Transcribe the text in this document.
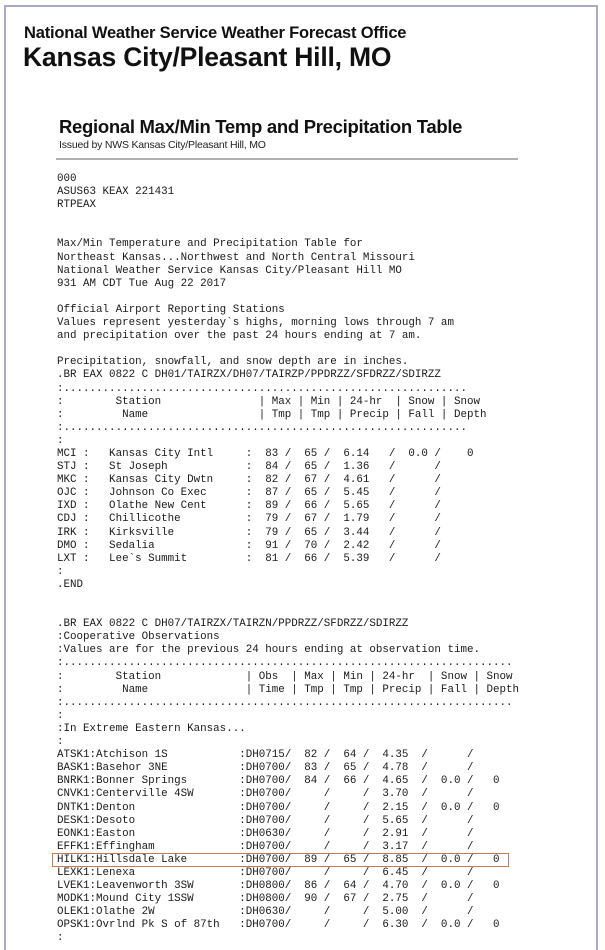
National Weather Service Weather Forecast Office
Kansas City/Pleasant Hill, MO
Regional Max/Min Temp and Precipitation Table
Issued by NWS Kansas City/Pleasant Hill, MO
000
ASUS63 KEAX 221431
RTPEAX
Max/Min Temperature and Precipitation Table for
Northeast Kansas...Northwest and North Central Missouri
National Weather Service Kansas City/Pleasant Hill MO
931 AM CDT Tue Aug 22 2017
Official Airport Reporting Stations
Values represent yesterday`s highs, morning lows through 7 am
and precipitation over the past 24 hours ending at 7 am.
Precipitation, snowfall, and snow depth are in inches.
.BR EAX 0822 C DH01/TAIRZX/DH07/TAIRZP/PPDRZZ/SFDRZZ/SDIRZZ
:..............................................................
:        Station               | Max | Min | 24-hr  | Snow | Snow
:         Name                 | Tmp | Tmp | Precip | Fall | Depth
:..............................................................
:
MCI :   Kansas City Intl     :  83 /  65 /  6.14   /  0.0 /    0
STJ :   St Joseph            :  84 /  65 /  1.36   /      /
MKC :   Kansas City Dwtn     :  82 /  67 /  4.61   /      /
OJC :   Johnson Co Exec      :  87 /  65 /  5.45   /      /
IXD :   Olathe New Cent      :  89 /  66 /  5.65   /      /
CDJ :   Chillicothe          :  79 /  67 /  1.79   /      /
IRK :   Kirksville           :  79 /  65 /  3.44   /      /
DMO :   Sedalia              :  91 /  70 /  2.42   /      /
LXT :   Lee`s Summit         :  81 /  66 /  5.39   /      /
:
.END
.BR EAX 0822 C DH07/TAIRZX/TAIRZN/PPDRZZ/SFDRZZ/SDIRZZ
:Cooperative Observations
:Values are for the previous 24 hours ending at observation time.
:.....................................................................
:        Station             | Obs  | Max | Min | 24-hr  | Snow | Snow
:         Name               | Time | Tmp | Tmp | Precip | Fall | Depth
:.....................................................................
:
:In Extreme Eastern Kansas...
:
ATSK1:Atchison 1S           :DH0715/  82 /  64 /  4.35  /      /
BASK1:Basehor 3NE           :DH0700/  83 /  65 /  4.78  /      /
BNRK1:Bonner Springs        :DH0700/  84 /  66 /  4.65  /  0.0 /   0
CNVK1:Centerville 4SW       :DH0700/     /     /  3.70  /      /
DNTK1:Denton                :DH0700/     /     /  2.15  /  0.0 /   0
DESK1:Desoto                :DH0700/     /     /  5.65  /      /
EONK1:Easton                :DH0630/     /     /  2.91  /      /
EFFK1:Effingham             :DH0700/     /     /  3.17  /      /
HILK1:Hillsdale Lake        :DH0700/  89 /  65 /  8.85  /  0.0 /   0
LEXK1:Lenexa                :DH0700/     /     /  6.45  /      /
LVEK1:Leavenworth 3SW       :DH0800/  86 /  64 /  4.70  /  0.0 /   0
MODK1:Mound City 1SSW       :DH0800/  90 /  67 /  2.75  /      /
OLEK1:Olathe 2W             :DH0630/     /     /  5.00  /      /
OPSK1:Ovrlnd Pk S of 87th   :DH0700/     /     /  6.30  /  0.0 /   0
:
